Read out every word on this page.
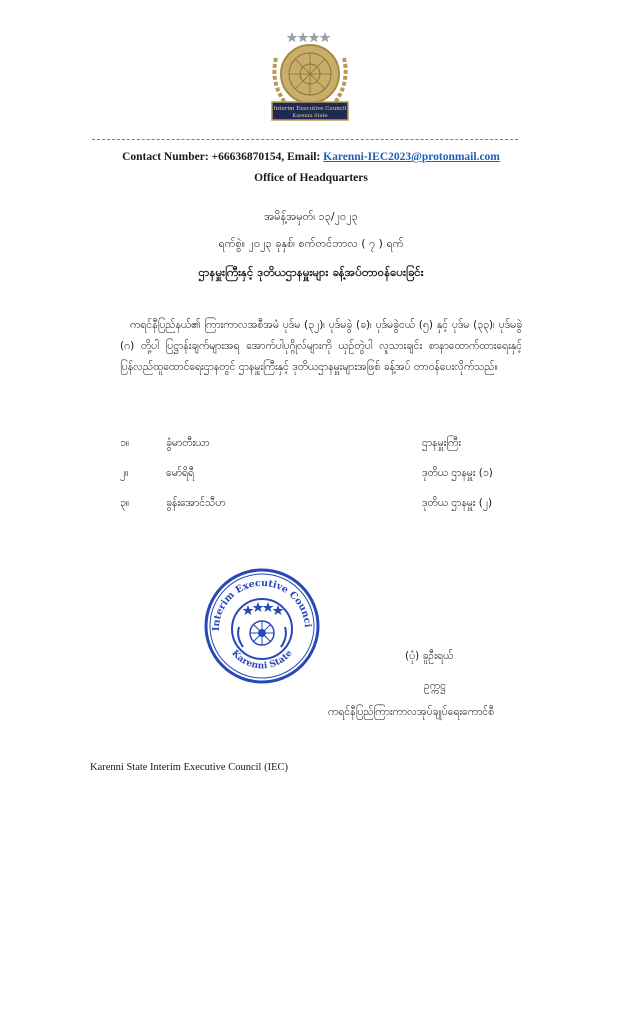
Interim Executive Council
Karenni State
Contact Number: +66636870154, Email: Karenni-IEC2023@protonmail.com
Office of Headquarters
အမိန့်အမှတ်၊ ၁၃/၂၀၂၃
ရက်စွဲ။ ၂၀၂၃ ခုနှစ်၊ စက်တင်ဘာလ ( ၇ ) ရက်
ဌာနမှူးကြီးနှင့် ဒုတိယဌာနမှူးများ ခန့်အပ်တာဝန်ပေးခြင်း
ကရင်နီပြည်နယ်၏ ကြားကာလအစီအမံ ပုဒ်မ (၃၂)၊ ပုဒ်မခွဲ (ခ)၊ ပုဒ်မခွဲငယ် (၅) နှင့် ပုဒ်မ (၃၃)၊ ပုဒ်မခွဲ (ဂ) တို့ပါ ပြဋ္ဌာန်းချက်များအရ အောက်ပါပုဂ္ဂိုလ်များကို ယှဉ်တွဲပါ လူသားချင်း စာနာထောက်ထားရေးနှင့် ပြန်လည်ထူထောင်ရေးဌာနတွင် ဌာနမှူးကြီးနှင့် ဒုတိယဌာနမှူးများအဖြစ် ခန့်အပ် တာဝန်ပေးလိုက်သည်။
၁။	ခွံမာတီးယာ	ဌာနမှူးကြီး
၂။	မော်ရိရီ	ဒုတိယ ဌာနမှူး (၁)
၃။	ခွန်းအောင်သီဟ	ဒုတိယ ဌာနမှူး (၂)
Interim Executive Counci
Karenni State	(ပုံ) ခူဦးရယ်
ဥက္ကဋ္ဌ
ကရင်နီပြည်ကြားကာလအုပ်ချုပ်ရေးကောင်စီ
Karenni State Interim Executive Council (IEC)
